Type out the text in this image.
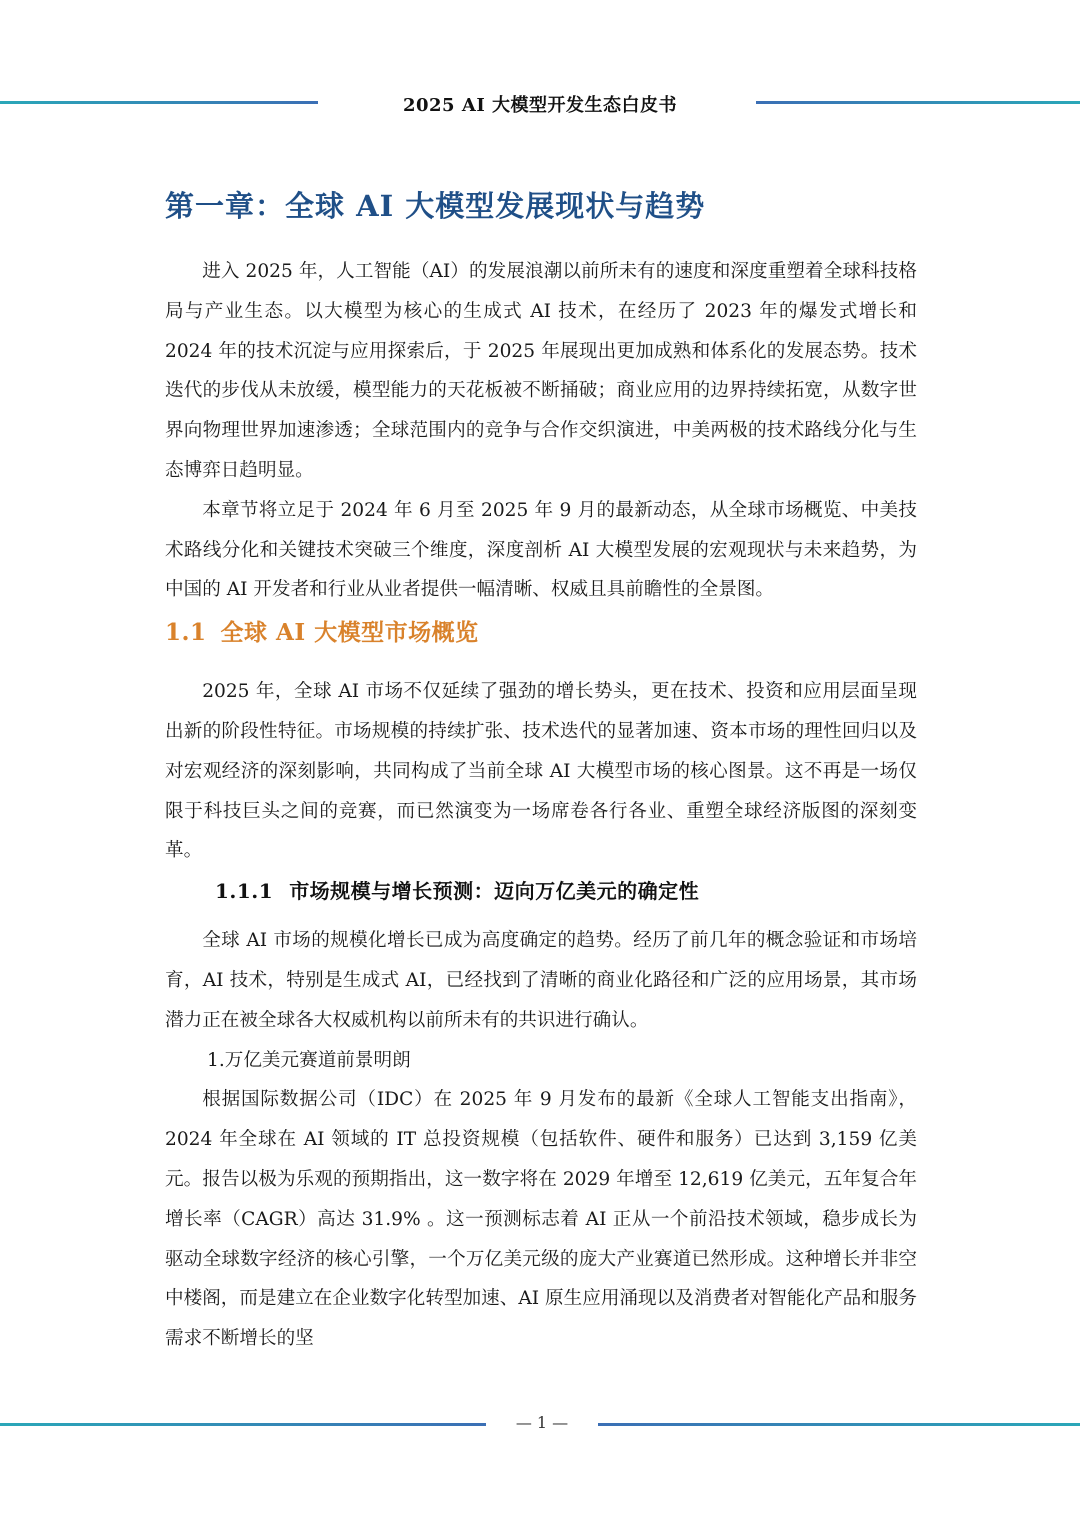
2025 AI 大模型开发生态白皮书
第一章：全球 AI 大模型发展现状与趋势

进入 2025 年，人工智能（AI）的发展浪潮以前所未有的速度和深度重塑着全球科技格局与产业生态。以大模型为核心的生成式 AI 技术，在经历了 2023 年的爆发式增长和 2024 年的技术沉淀与应用探索后，于 2025 年展现出更加成熟和体系化的发展态势。技术迭代的步伐从未放缓，模型能力的天花板被不断捅破；商业应用的边界持续拓宽，从数字世界向物理世界加速渗透；全球范围内的竞争与合作交织演进，中美两极的技术路线分化与生态博弈日趋明显。

本章节将立足于 2024 年 6 月至 2025 年 9 月的最新动态，从全球市场概览、中美技术路线分化和关键技术突破三个维度，深度剖析 AI 大模型发展的宏观现状与未来趋势，为中国的 AI 开发者和行业从业者提供一幅清晰、权威且具前瞻性的全景图。

1.1 全球 AI 大模型市场概览

2025 年，全球 AI 市场不仅延续了强劲的增长势头，更在技术、投资和应用层面呈现出新的阶段性特征。市场规模的持续扩张、技术迭代的显著加速、资本市场的理性回归以及对宏观经济的深刻影响，共同构成了当前全球 AI 大模型市场的核心图景。这不再是一场仅限于科技巨头之间的竞赛，而已然演变为一场席卷各行各业、重塑全球经济版图的深刻变革。

1.1.1 市场规模与增长预测：迈向万亿美元的确定性

全球 AI 市场的规模化增长已成为高度确定的趋势。经历了前几年的概念验证和市场培育，AI 技术，特别是生成式 AI，已经找到了清晰的商业化路径和广泛的应用场景，其市场潜力正在被全球各大权威机构以前所未有的共识进行确认。

1.万亿美元赛道前景明朗

根据国际数据公司（IDC）在 2025 年 9 月发布的最新《全球人工智能支出指南》，2024 年全球在 AI 领域的 IT 总投资规模（包括软件、硬件和服务）已达到 3,159 亿美元。报告以极为乐观的预期指出，这一数字将在 2029 年增至 12,619 亿美元，五年复合年增长率（CAGR）高达 31.9% 。这一预测标志着 AI 正从一个前沿技术领域，稳步成长为驱动全球数字经济的核心引擎，一个万亿美元级的庞大产业赛道已然形成。这种增长并非空中楼阁，而是建立在企业数字化转型加速、AI 原生应用涌现以及消费者对智能化产品和服务需求不断增长的坚

— 1 —
